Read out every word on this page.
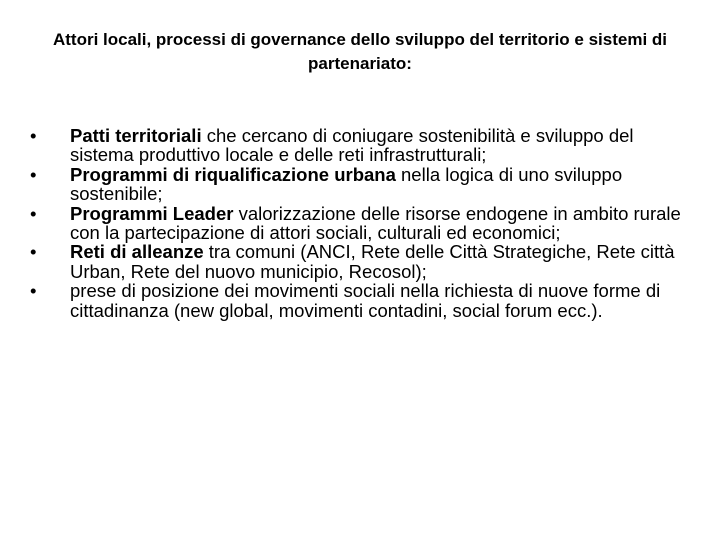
Attori locali, processi di governance dello sviluppo del territorio e sistemi di partenariato:
•	Patti territoriali che cercano di coniugare sostenibilità e sviluppo del sistema produttivo locale e delle reti infrastrutturali;
•	Programmi di riqualificazione urbana nella logica di uno sviluppo sostenibile;
•	Programmi Leader valorizzazione delle risorse endogene in ambito rurale con la partecipazione di attori sociali, culturali ed economici;
•	Reti di alleanze tra comuni (ANCI, Rete delle Città Strategiche, Rete città Urban, Rete del nuovo municipio, Recosol);
•	prese di posizione dei movimenti sociali nella richiesta di nuove forme di cittadinanza (new global, movimenti contadini, social forum ecc.).
